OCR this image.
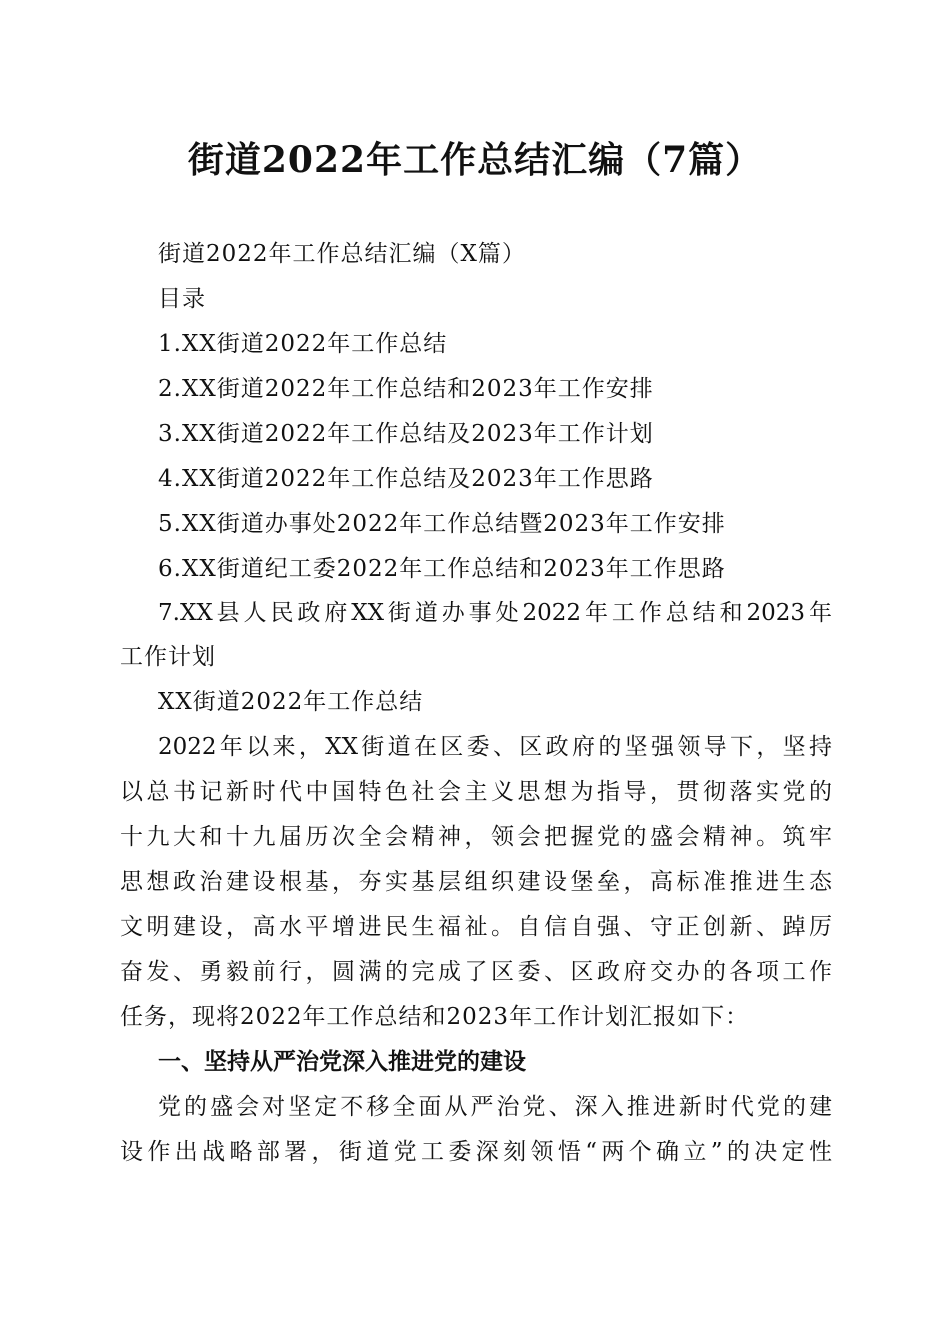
街道2022年工作总结汇编（7篇）
街道2022年工作总结汇编（X篇）
目录
1.XX街道2022年工作总结
2.XX街道2022年工作总结和2023年工作安排
3.XX街道2022年工作总结及2023年工作计划
4.XX街道2022年工作总结及2023年工作思路
5.XX街道办事处2022年工作总结暨2023年工作安排
6.XX街道纪工委2022年工作总结和2023年工作思路
7.XX县人民政府XX街道办事处2022年工作总结和2023年
工作计划
XX街道2022年工作总结
2022年以来，XX街道在区委、区政府的坚强领导下，坚持
以总书记新时代中国特色社会主义思想为指导，贯彻落实党的
十九大和十九届历次全会精神，领会把握党的盛会精神。筑牢
思想政治建设根基，夯实基层组织建设堡垒，高标准推进生态
文明建设，高水平增进民生福祉。自信自强、守正创新、踔厉
奋发、勇毅前行，圆满的完成了区委、区政府交办的各项工作
任务，现将2022年工作总结和2023年工作计划汇报如下：
一、坚持从严治党深入推进党的建设
党的盛会对坚定不移全面从严治党、深入推进新时代党的建
设作出战略部署，街道党工委深刻领悟“两个确立”的决定性
